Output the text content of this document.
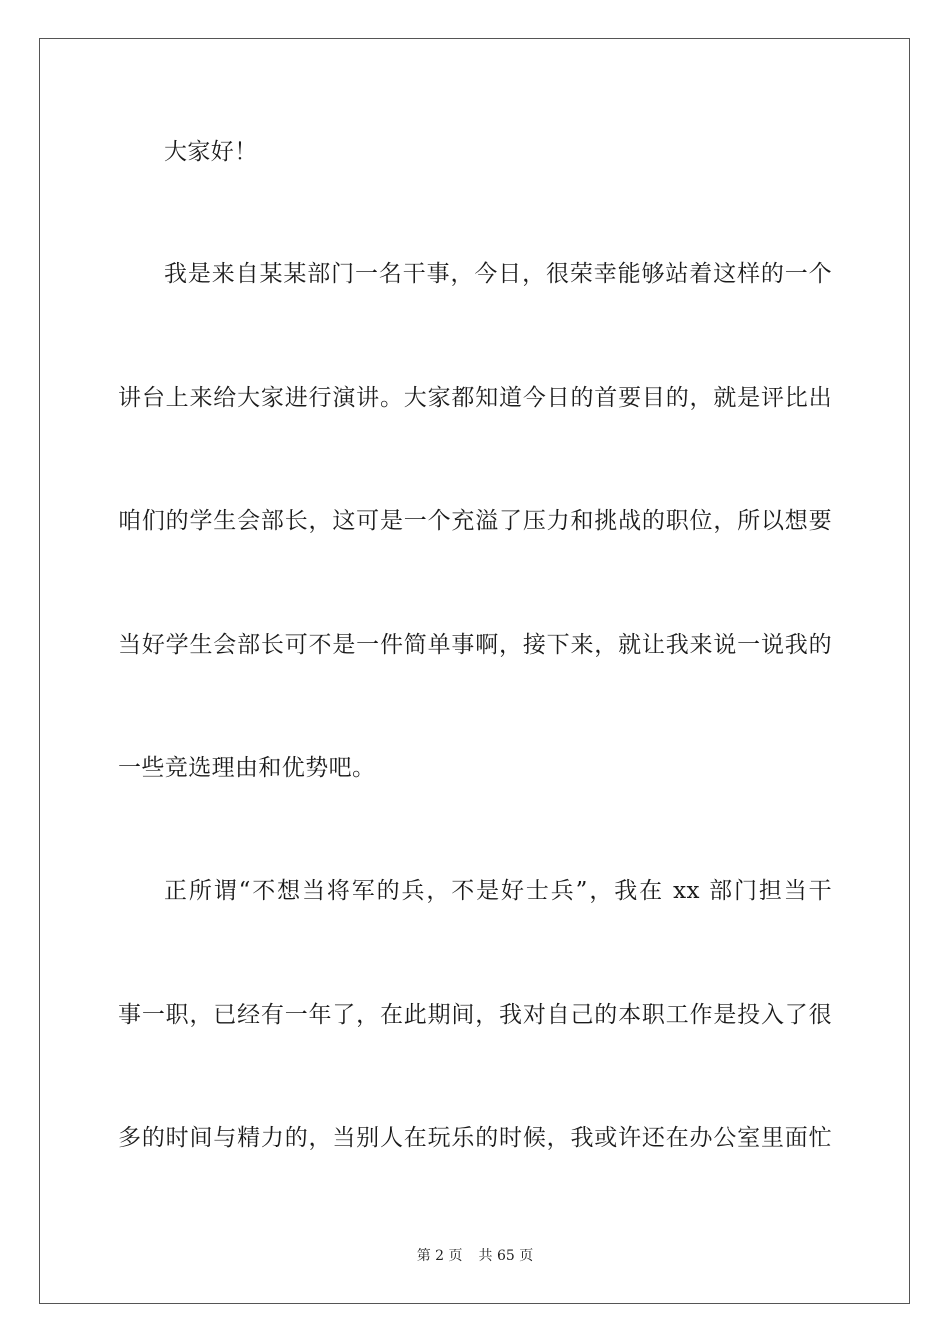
大家好！
我是来自某某部门一名干事，今日，很荣幸能够站着这样的一个
讲台上来给大家进行演讲。大家都知道今日的首要目的，就是评比出
咱们的学生会部长，这可是一个充溢了压力和挑战的职位，所以想要
当好学生会部长可不是一件简单事啊，接下来，就让我来说一说我的
一些竞选理由和优势吧。
正所谓“不想当将军的兵，不是好士兵”，我在 xx 部门担当干
事一职，已经有一年了，在此期间，我对自己的本职工作是投入了很
多的时间与精力的，当别人在玩乐的时候，我或许还在办公室里面忙
第 2 页 共 65 页
